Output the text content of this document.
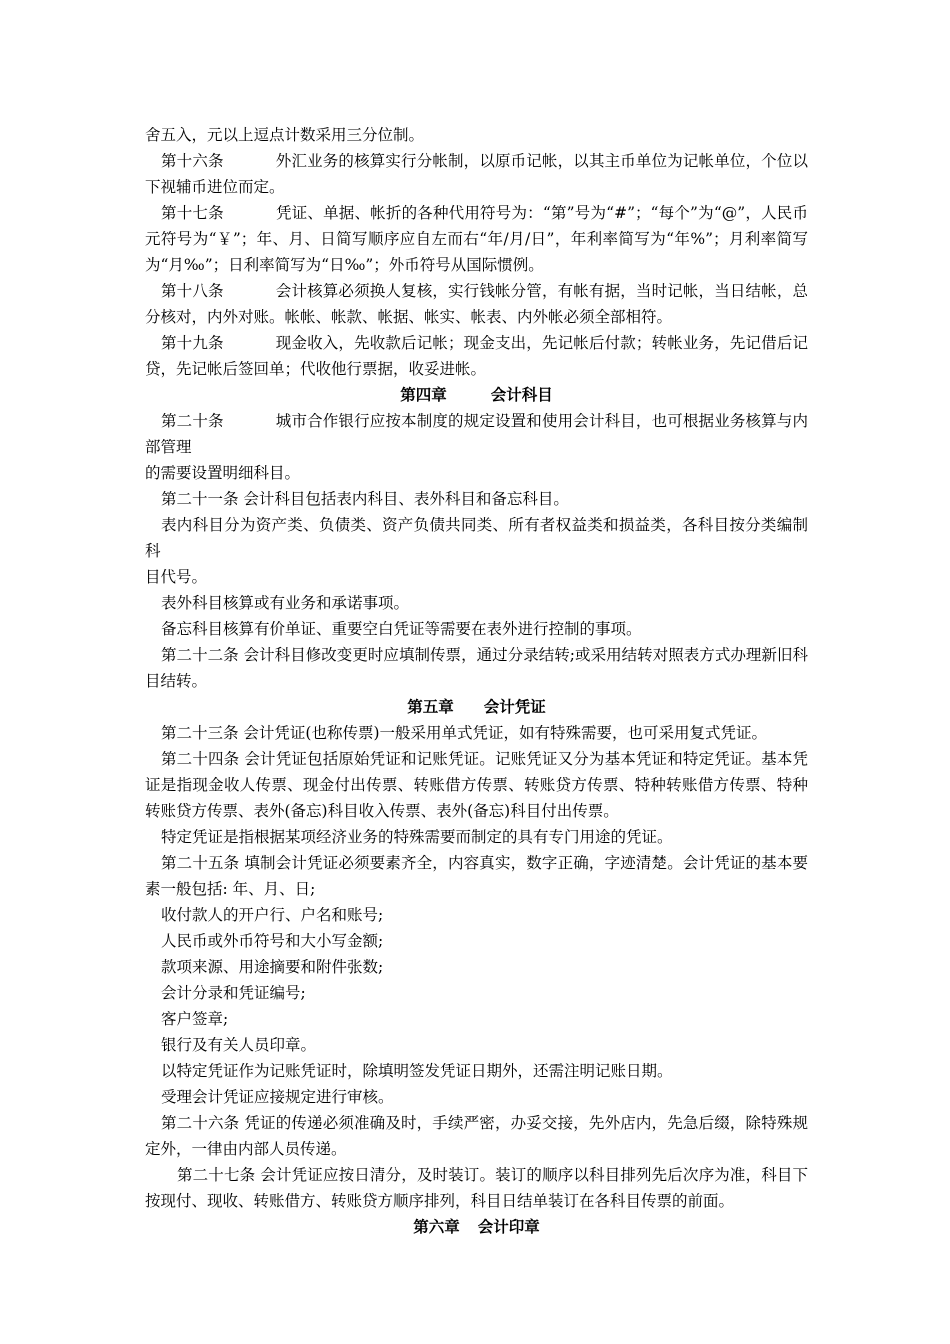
舍五入，元以上逗点计数采用三分位制。

第十六条	外汇业务的核算实行分帐制，以原币记帐，以其主币单位为记帐单位，个位以下视辅币进位而定。

第十七条	凭证、单据、帐折的各种代用符号为：“第”号为“#”；“每个”为“@”，人民币元符号为“￥”；年、月、日简写顺序应自左而右“年/月/日”，年利率简写为“年%”；月利率简写为“月‰”；日利率简写为“日‰”；外币符号从国际惯例。

第十八条	会计核算必须换人复核，实行钱帐分管，有帐有据，当时记帐，当日结帐，总分核对，内外对账。帐帐、帐款、帐据、帐实、帐表、内外帐必须全部相符。

第十九条	现金收入，先收款后记帐；现金支出，先记帐后付款；转帐业务，先记借后记贷，先记帐后签回单；代收他行票据，收妥进帐。

第四章	会计科目

第二十条	城市合作银行应按本制度的规定设置和使用会计科目，也可根据业务核算与内部管理

的需要设置明细科目。

第二十一条 会计科目包括表内科目、表外科目和备忘科目。

表内科目分为资产类、负债类、资产负债共同类、所有者权益类和损益类，各科目按分类编制科

目代号。

表外科目核算或有业务和承诺事项。

备忘科目核算有价单证、重要空白凭证等需要在表外进行控制的事项。

第二十二条 会计科目修改变更时应填制传票，通过分录结转;或采用结转对照表方式办理新旧科目结转。

第五章 会计凭证

第二十三条 会计凭证(也称传票)一般采用单式凭证，如有特殊需要，也可采用复式凭证。

第二十四条 会计凭证包括原始凭证和记账凭证。记账凭证又分为基本凭证和特定凭证。基本凭证是指现金收人传票、现金付出传票、转账借方传票、转账贷方传票、特种转账借方传票、特种转账贷方传票、表外(备忘)科目收入传票、表外(备忘)科目付出传票。

特定凭证是指根据某项经济业务的特殊需要而制定的具有专门用途的凭证。

第二十五条 填制会计凭证必须要素齐全，内容真实，数字正确，字迹清楚。会计凭证的基本要素一般包括: 年、月、日;

收付款人的开户行、户名和账号;

人民币或外币符号和大小写金额;

款项来源、用途摘要和附件张数;

会计分录和凭证编号;

客户签章;

银行及有关人员印章。

以特定凭证作为记账凭证时，除填明签发凭证日期外，还需注明记账日期。

受理会计凭证应接规定进行审核。

第二十六条 凭证的传递必须准确及时，手续严密，办妥交接，先外店内，先急后缀，除特殊规定外，一律由内部人员传递。

第二十七条 会计凭证应按日清分，及时装订。装订的顺序以科目排列先后次序为准，科目下按现付、现收、转账借方、转账贷方顺序排列，科目日结单装订在各科目传票的前面。

第六章 会计印章
